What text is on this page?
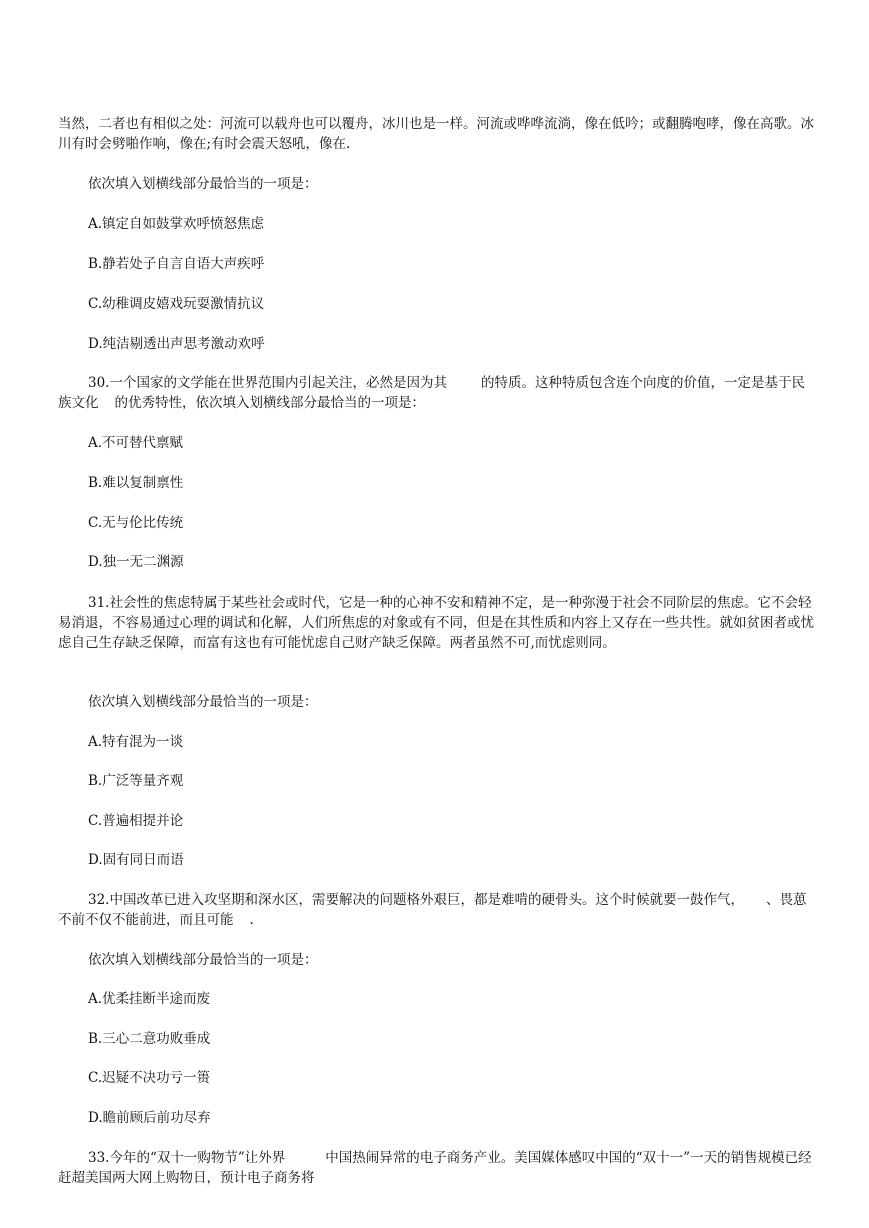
当然，二者也有相似之处：河流可以载舟也可以覆舟，冰川也是一样。河流或哗哗流淌，像在低吟；或翻腾咆哮，像在高歌。冰川有时会劈啪作响，像在;有时会震天怒吼，像在.

依次填入划横线部分最恰当的一项是：

A.镇定自如鼓掌欢呼愤怒焦虑

B.静若处子自言自语大声疾呼

C.幼稚调皮嬉戏玩耍激情抗议

D.纯洁剔透出声思考激动欢呼

30.一个国家的文学能在世界范围内引起关注，必然是因为其	的特质。这种特质包含连个向度的价值，一定是基于民族文化 的优秀特性，依次填入划横线部分最恰当的一项是：

A.不可替代禀赋

B.难以复制禀性

C.无与伦比传统

D.独一无二渊源

31.社会性的焦虑特属于某些社会或时代，它是一种的心神不安和精神不定，是一种弥漫于社会不同阶层的焦虑。它不会轻易消退，不容易通过心理的调试和化解，人们所焦虑的对象或有不同，但是在其性质和内容上又存在一些共性。就如贫困者或忧虑自己生存缺乏保障，而富有这也有可能忧虑自己财产缺乏保障。两者虽然不可,而忧虑则同。

依次填入划横线部分最恰当的一项是：

A.特有混为一谈

B.广泛等量齐观

C.普遍相提并论

D.固有同日而语

32.中国改革已进入攻坚期和深水区，需要解决的问题格外艰巨，都是难啃的硬骨头。这个时候就要一鼓作气， 、畏葸不前不仅不能前进，而且可能 .

依次填入划横线部分最恰当的一项是：

A.优柔挂断半途而废

B.三心二意功败垂成

C.迟疑不决功亏一篑

D.瞻前顾后前功尽弃

33.今年的“双十一购物节”让外界	中国热闹异常的电子商务产业。美国媒体感叹中国的“双十一”一天的销售规模已经赶超美国两大网上购物日，预计电子商务将
